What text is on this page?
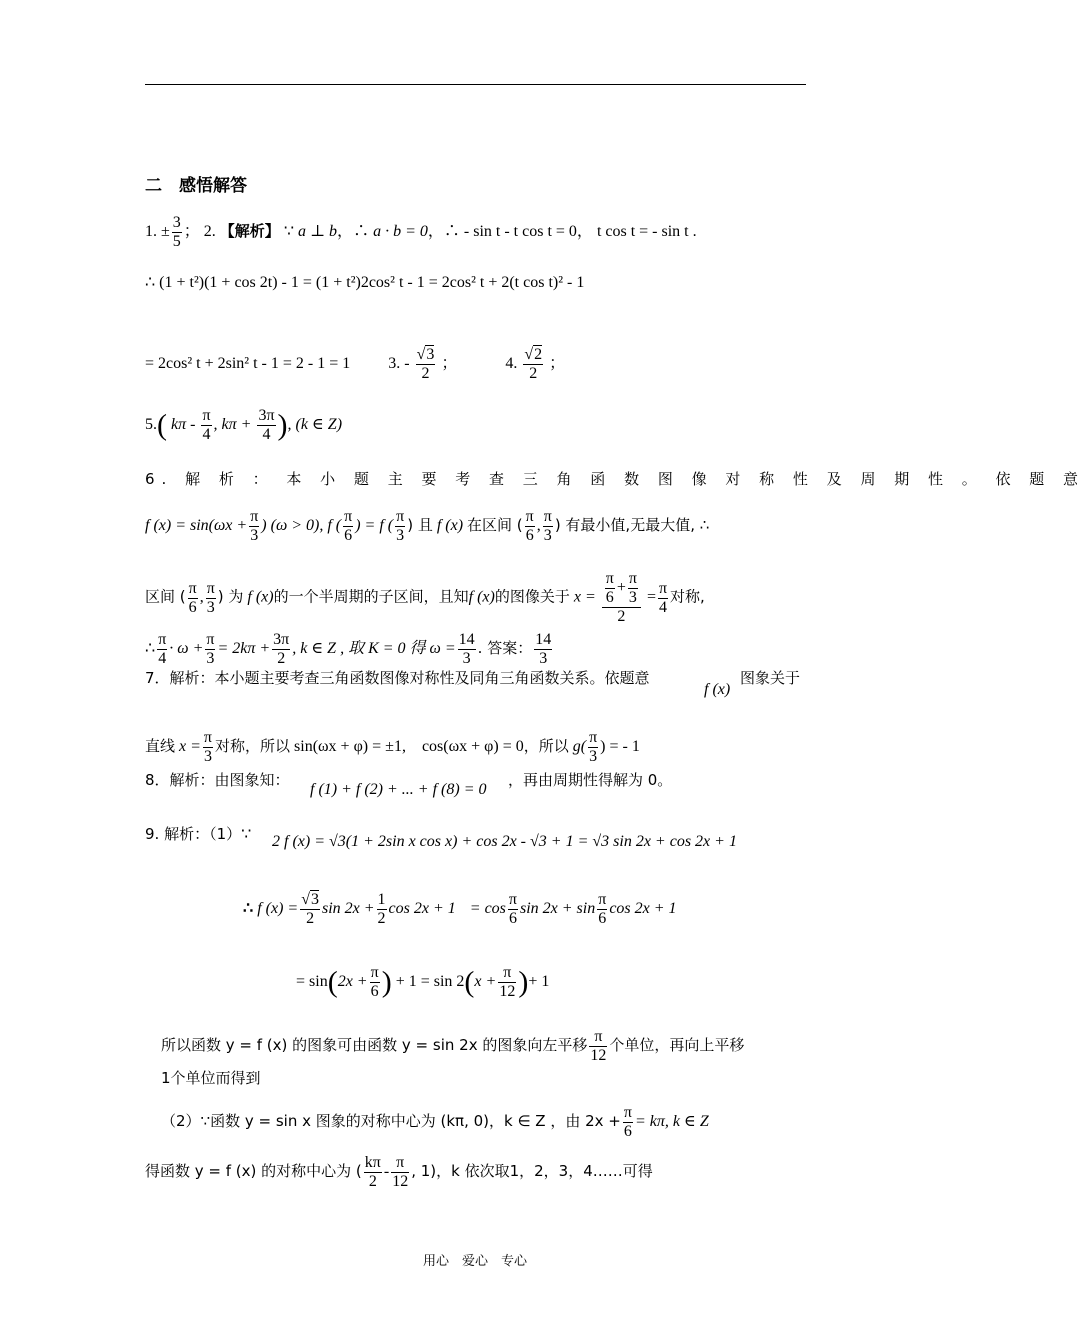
二　感悟解答
1. ± $\frac{3}{5}$ ； 2. 【解析】 ∵ a ⊥ b，∴ a · b = 0，∴ - sin t - t cos t = 0， t cos t = - sin t .
∴ (1 + t²)(1 + cos 2t) - 1 = (1 + t²)2cos² t - 1 = 2cos² t + 2(t cos t)² - 1
= 2cos² t + 2sin² t - 1 = 2 - 1 = 1 3. - $\frac{√3}{2}$ ；	4. $\frac{√2}{2}$ ；
5.( kπ - $\frac{\pi}{4}$ , $k\pi + \frac{3\pi}{4}$ ), (k ∈ Z)
6. 解 析 ： 本 小 题 主 要 考 查 三 角 函 数 图 像 对 称 性 及 周 期 性 。 依 题 意
f $(x) = \sin(\omega x + \frac{\pi}{3}$ ) (ω > 0), f ( $\frac{\pi}{6}$ ) = f ( $\frac{\pi}{3}$ ) 且 f (x) 在区间 ( $\frac{\pi}{6}$ , $\frac{\pi}{3}$ ) 有最小值,无最大值, ∴
区间 ( $\frac{\pi}{6}$ , $\frac{\pi}{3}$ ) 为 f (x)的一个半周期的子区间，且知f (x)的图像关于 $x = \frac{\frac{\pi}{6} + \frac{\pi}{3}}{2} = \frac{\pi}{4}$ 对称,
∴ $\frac{\pi}{4} \cdot \omega + \frac{\pi}{3} = 2k\pi + \frac{3\pi}{2}$ , k ∈ Z , 取 K = 0 得 $\omega = \frac{14}{3}$ . 答案： $\frac{14}{3}$
7．解析：本小题主要考查三角函数图像对称性及同角三角函数关系。依题意
f (x)
图象关于
直线 $x = \frac{\pi}{3}$ 对称，所以 sin(ωx + φ) = ±1,　cos(ωx + φ) = 0，所以 $g( \frac{\pi}{3}$ ) = - 1
8．解析：由图象知：
f (1) + f (2) + ... + f (8) = 0
，再由周期性得解为 0。
9. 解析：（1）∵ 2 f (x) = √3(1 + 2sin x cos x) + cos 2x - √3 + 1 = √3 sin 2x + cos 2x + 1
∴ f $(x) = \frac{√3}{2}$ $\sin 2x + \frac{1}{2}$ $\cos 2x + 1 = \cos \frac{\pi}{6}$ $\sin 2x + \sin \frac{\pi}{6}$ cos 2x + 1
= $\sin(2x + \frac{\pi}{6}$ ) + $1 = \sin 2(x + \frac{\pi}{12}$ )+ 1
所以函数 y = f (x) 的图象可由函数 y = sin 2x 的图象向左平移 $\frac{\pi}{12}$ 个单位，再向上平移
1个单位而得到
（2）∵函数 y = sin x 图象的对称中心为 (kπ, 0)，k ∈ Z ，由 $2x + \frac{\pi}{6} = k\pi$, k ∈ Z
得函数 y = f (x) 的对称中心为 ( $\frac{k\pi}{2} - \frac{\pi}{12}$ , 1)，k 依次取1，2，3，4……可得
用心　爱心　专心
